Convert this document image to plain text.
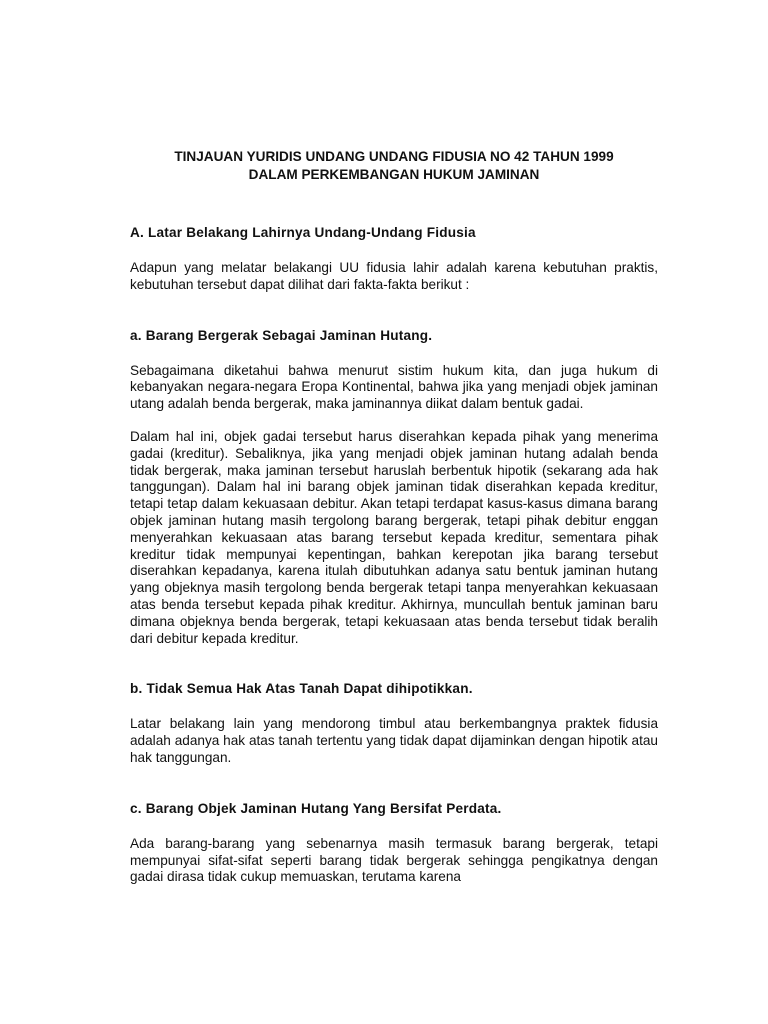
TINJAUAN YURIDIS UNDANG UNDANG FIDUSIA NO 42 TAHUN 1999
DALAM PERKEMBANGAN HUKUM JAMINAN
A. Latar Belakang Lahirnya Undang-Undang Fidusia

Adapun yang melatar belakangi UU fidusia lahir adalah karena kebutuhan praktis, kebutuhan tersebut dapat dilihat dari fakta-fakta berikut :

a. Barang Bergerak Sebagai Jaminan Hutang.

Sebagaimana diketahui bahwa menurut sistim hukum kita, dan juga hukum di kebanyakan negara-negara Eropa Kontinental, bahwa jika yang menjadi objek jaminan utang adalah benda bergerak, maka jaminannya diikat dalam bentuk gadai.

Dalam hal ini, objek gadai tersebut harus diserahkan kepada pihak yang menerima gadai (kreditur). Sebaliknya, jika yang menjadi objek jaminan hutang adalah benda tidak bergerak, maka jaminan tersebut haruslah berbentuk hipotik (sekarang ada hak tanggungan). Dalam hal ini barang objek jaminan tidak diserahkan kepada kreditur, tetapi tetap dalam kekuasaan debitur. Akan tetapi terdapat kasus-kasus dimana barang objek jaminan hutang masih tergolong barang bergerak, tetapi pihak debitur enggan menyerahkan kekuasaan atas barang tersebut kepada kreditur, sementara pihak kreditur tidak mempunyai kepentingan, bahkan kerepotan jika barang tersebut diserahkan kepadanya, karena itulah dibutuhkan adanya satu bentuk jaminan hutang yang objeknya masih tergolong benda bergerak tetapi tanpa menyerahkan kekuasaan atas benda tersebut kepada pihak kreditur. Akhirnya, muncullah bentuk jaminan baru dimana objeknya benda bergerak, tetapi kekuasaan atas benda tersebut tidak beralih dari debitur kepada kreditur.

b. Tidak Semua Hak Atas Tanah Dapat dihipotikkan.

Latar belakang lain yang mendorong timbul atau berkembangnya praktek fidusia adalah adanya hak atas tanah tertentu yang tidak dapat dijaminkan dengan hipotik atau hak tanggungan.

c. Barang Objek Jaminan Hutang Yang Bersifat Perdata.

Ada barang-barang yang sebenarnya masih termasuk barang bergerak, tetapi mempunyai sifat-sifat seperti barang tidak bergerak sehingga pengikatnya dengan gadai dirasa tidak cukup memuaskan, terutama karena
